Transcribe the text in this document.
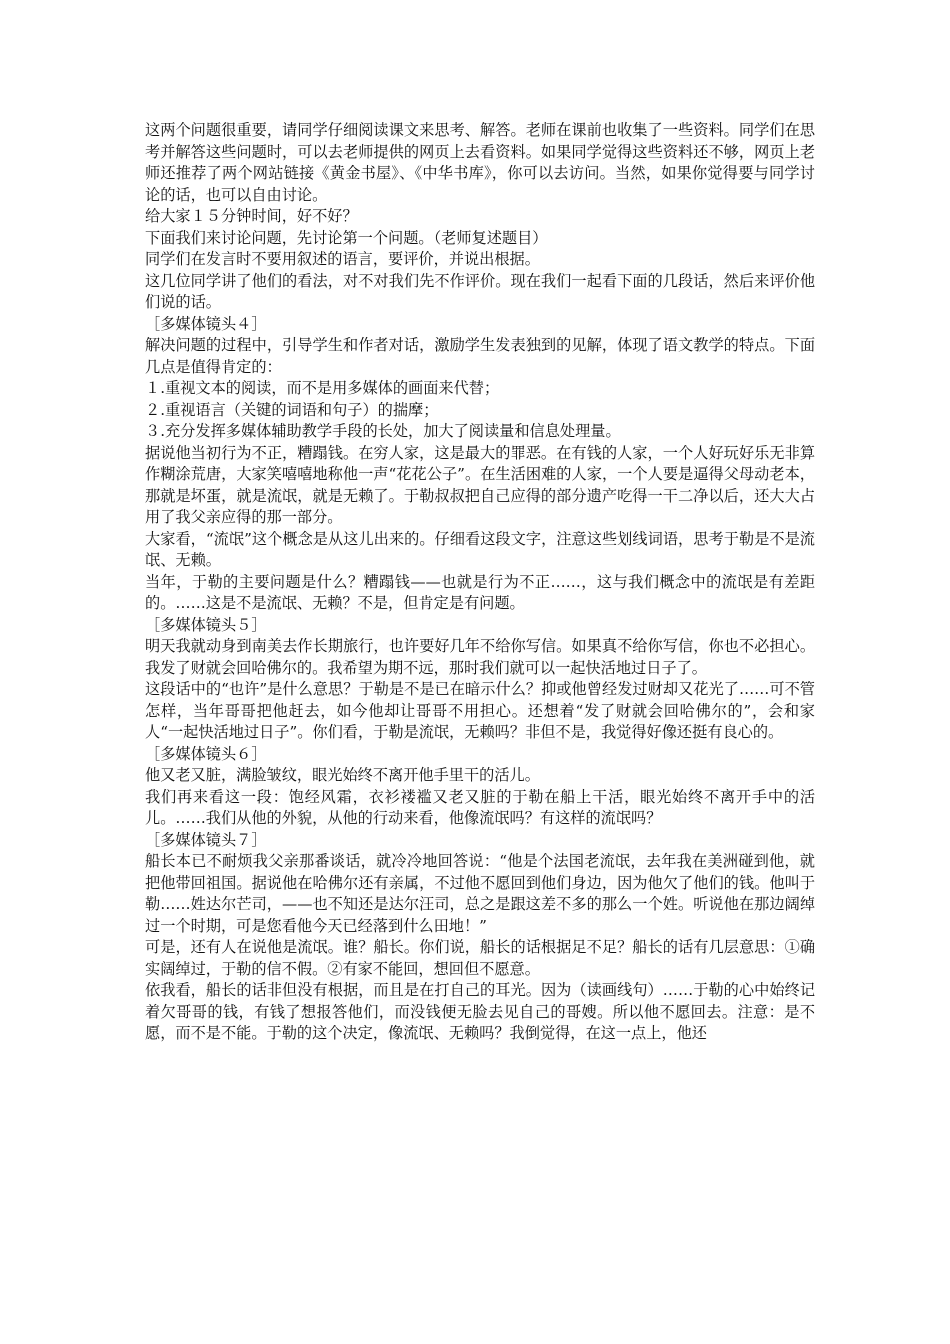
这两个问题很重要，请同学仔细阅读课文来思考、解答。老师在课前也收集了一些资料。同学们在思考并解答这些问题时，可以去老师提供的网页上去看资料。如果同学觉得这些资料还不够，网页上老师还推荐了两个网站链接《黄金书屋》、《中华书库》，你可以去访问。当然，如果你觉得要与同学讨论的话，也可以自由讨论。

给大家１５分钟时间，好不好？

下面我们来讨论问题，先讨论第一个问题。（老师复述题目）

同学们在发言时不要用叙述的语言，要评价，并说出根据。

这几位同学讲了他们的看法，对不对我们先不作评价。现在我们一起看下面的几段话，然后来评价他们说的话。

［多媒体镜头４］

解决问题的过程中，引导学生和作者对话，激励学生发表独到的见解，体现了语文教学的特点。下面几点是值得肯定的：

１.重视文本的阅读，而不是用多媒体的画面来代替；

２.重视语言（关键的词语和句子）的揣摩；

３.充分发挥多媒体辅助教学手段的长处，加大了阅读量和信息处理量。

据说他当初行为不正，糟蹋钱。在穷人家，这是最大的罪恶。在有钱的人家，一个人好玩好乐无非算作糊涂荒唐，大家笑嘻嘻地称他一声“花花公子”。在生活困难的人家，一个人要是逼得父母动老本，那就是坏蛋，就是流氓，就是无赖了。于勒叔叔把自己应得的部分遗产吃得一干二净以后，还大大占用了我父亲应得的那一部分。

大家看，“流氓”这个概念是从这儿出来的。仔细看这段文字，注意这些划线词语，思考于勒是不是流氓、无赖。

当年，于勒的主要问题是什么？糟蹋钱——也就是行为不正……，这与我们概念中的流氓是有差距的。……这是不是流氓、无赖？不是，但肯定是有问题。

［多媒体镜头５］

明天我就动身到南美去作长期旅行，也许要好几年不给你写信。如果真不给你写信，你也不必担心。我发了财就会回哈佛尔的。我希望为期不远，那时我们就可以一起快活地过日子了。

这段话中的“也许”是什么意思？于勒是不是已在暗示什么？抑或他曾经发过财却又花光了……可不管怎样，当年哥哥把他赶去，如今他却让哥哥不用担心。还想着“发了财就会回哈佛尔的”，会和家人“一起快活地过日子”。你们看，于勒是流氓，无赖吗？非但不是，我觉得好像还挺有良心的。

［多媒体镜头６］

他又老又脏，满脸皱纹，眼光始终不离开他手里干的活儿。

我们再来看这一段：饱经风霜，衣衫褛褴又老又脏的于勒在船上干活，眼光始终不离开手中的活儿。……我们从他的外貌，从他的行动来看，他像流氓吗？有这样的流氓吗？

［多媒体镜头７］

船长本已不耐烦我父亲那番谈话，就冷冷地回答说：“他是个法国老流氓，去年我在美洲碰到他，就把他带回祖国。据说他在哈佛尔还有亲属，不过他不愿回到他们身边，因为他欠了他们的钱。他叫于勒……姓达尔芒司，——也不知还是达尔汪司，总之是跟这差不多的那么一个姓。听说他在那边阔绰过一个时期，可是您看他今天已经落到什么田地！”

可是，还有人在说他是流氓。谁？船长。你们说，船长的话根据足不足？船长的话有几层意思：①确实阔绰过，于勒的信不假。②有家不能回，想回但不愿意。

依我看，船长的话非但没有根据，而且是在打自己的耳光。因为（读画线句）……于勒的心中始终记着欠哥哥的钱，有钱了想报答他们，而没钱便无脸去见自己的哥嫂。所以他不愿回去。注意：是不愿，而不是不能。于勒的这个决定，像流氓、无赖吗？我倒觉得，在这一点上，他还
